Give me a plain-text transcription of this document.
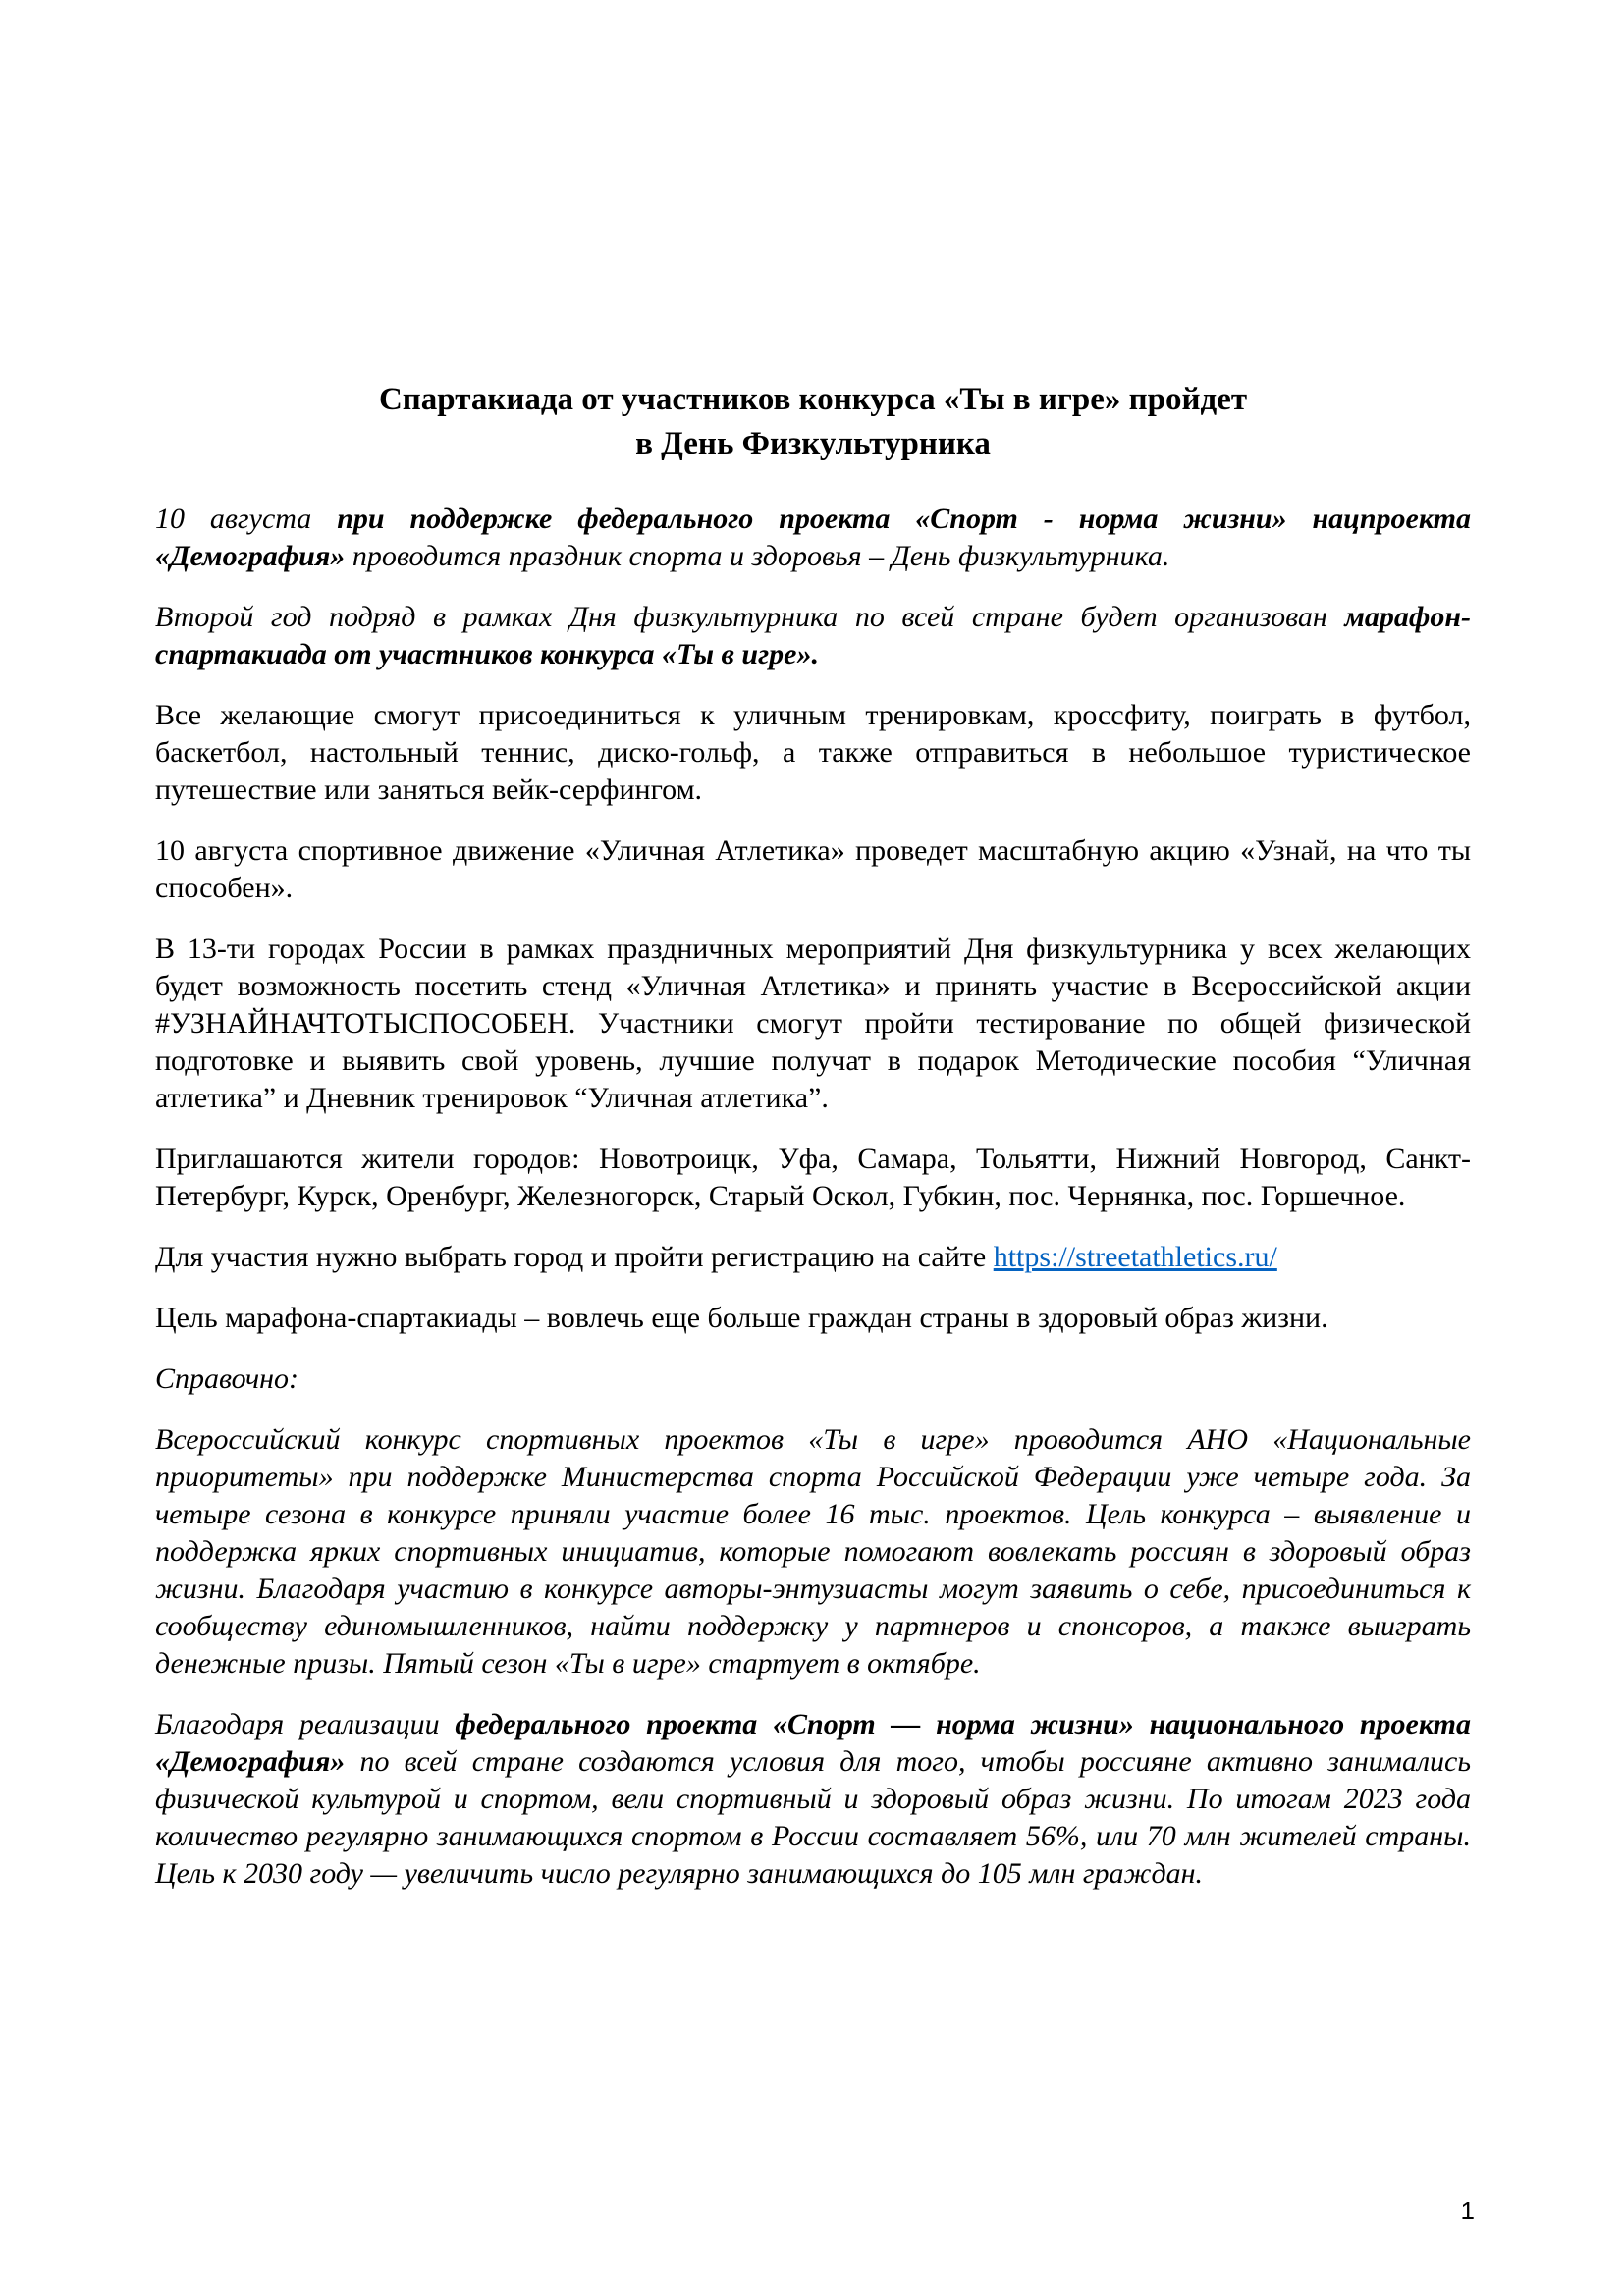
Спартакиада от участников конкурса «Ты в игре» пройдет
в День Физкультурника

10 августа при поддержке федерального проекта «Спорт - норма жизни» нацпроекта «Демография» проводится праздник спорта и здоровья – День физкультурника.

Второй год подряд в рамках Дня физкультурника по всей стране будет организован марафон-спартакиада от участников конкурса «Ты в игре».

Все желающие смогут присоединиться к уличным тренировкам, кроссфиту, поиграть в футбол, баскетбол, настольный теннис, диско-гольф, а также отправиться в небольшое туристическое путешествие или заняться вейк-серфингом.

10 августа спортивное движение «Уличная Атлетика» проведет масштабную акцию «Узнай, на что ты способен».

В 13-ти городах России в рамках праздничных мероприятий Дня физкультурника у всех желающих будет возможность посетить стенд «Уличная Атлетика» и принять участие в Всероссийской акции #УЗНАЙНАЧТОТЫСПОСОБЕН. Участники смогут пройти тестирование по общей физической подготовке и выявить свой уровень, лучшие получат в подарок Методические пособия “Уличная атлетика” и Дневник тренировок “Уличная атлетика”.

Приглашаются жители городов: Новотроицк, Уфа, Самара, Тольятти, Нижний Новгород, Санкт-Петербург, Курск, Оренбург, Железногорск, Старый Оскол, Губкин, пос. Чернянка, пос. Горшечное.

Для участия нужно выбрать город и пройти регистрацию на сайте https://streetathletics.ru/

Цель марафона-спартакиады – вовлечь еще больше граждан страны в здоровый образ жизни.

Справочно:

Всероссийский конкурс спортивных проектов «Ты в игре» проводится АНО «Национальные приоритеты» при поддержке Министерства спорта Российской Федерации уже четыре года. За четыре сезона в конкурсе приняли участие более 16 тыс. проектов. Цель конкурса – выявление и поддержка ярких спортивных инициатив, которые помогают вовлекать россиян в здоровый образ жизни. Благодаря участию в конкурсе авторы-энтузиасты могут заявить о себе, присоединиться к сообществу единомышленников, найти поддержку у партнеров и спонсоров, а также выиграть денежные призы. Пятый сезон «Ты в игре» стартует в октябре.

Благодаря реализации федерального проекта «Спорт — норма жизни» национального проекта «Демография» по всей стране создаются условия для того, чтобы россияне активно занимались физической культурой и спортом, вели спортивный и здоровый образ жизни. По итогам 2023 года количество регулярно занимающихся спортом в России составляет 56%, или 70 млн жителей страны. Цель к 2030 году — увеличить число регулярно занимающихся до 105 млн граждан.

1
